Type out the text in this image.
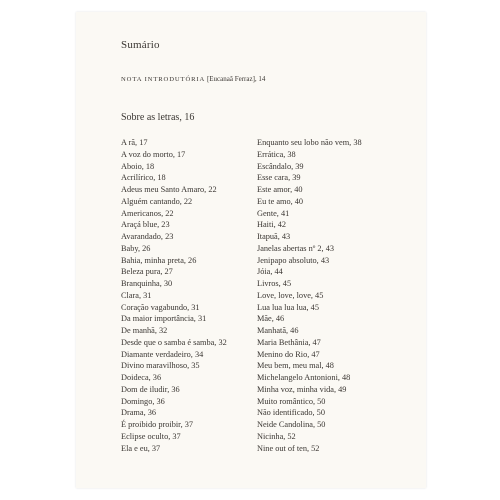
Sumário
NOTA INTRODUTÓRIA [Eucanaã Ferraz], 14
Sobre as letras, 16
A rã, 17
A voz do morto, 17
Aboio, 18
Acrilírico, 18
Adeus meu Santo Amaro, 22
Alguém cantando, 22
Americanos, 22
Araçá blue, 23
Avarandado, 23
Baby, 26
Bahia, minha preta, 26
Beleza pura, 27
Branquinha, 30
Clara, 31
Coração vagabundo, 31
Da maior importância, 31
De manhã, 32
Desde que o samba é samba, 32
Diamante verdadeiro, 34
Divino maravilhoso, 35
Doideca, 36
Dom de iludir, 36
Domingo, 36
Drama, 36
É proibido proibir, 37
Eclipse oculto, 37
Ela e eu, 37
Enquanto seu lobo não vem, 38
Errática, 38
Escândalo, 39
Esse cara, 39
Este amor, 40
Eu te amo, 40
Gente, 41
Haiti, 42
Itapuã, 43
Janelas abertas nº 2, 43
Jenipapo absoluto, 43
Jóia, 44
Livros, 45
Love, love, love, 45
Lua lua lua lua, 45
Mãe, 46
Manhatã, 46
Maria Bethânia, 47
Menino do Rio, 47
Meu bem, meu mal, 48
Michelangelo Antonioni, 48
Minha voz, minha vida, 49
Muito romântico, 50
Não identificado, 50
Neide Candolina, 50
Nicinha, 52
Nine out of ten, 52
